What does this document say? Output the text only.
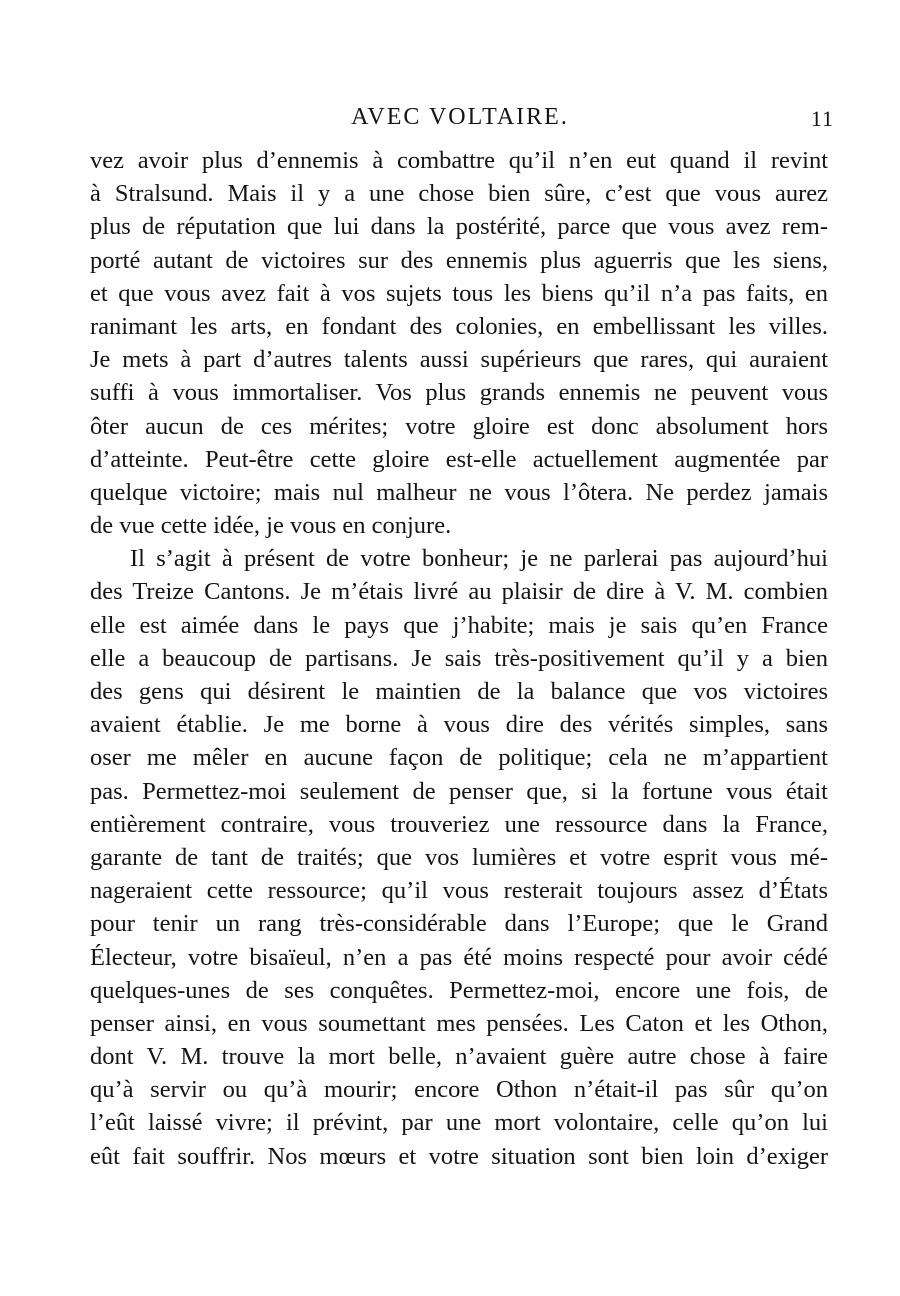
AVEC VOLTAIRE.	11
vez avoir plus d’ennemis à combattre qu’il n’en eut quand il revint
à Stralsund. Mais il y a une chose bien sûre, c’est que vous aurez
plus de réputation que lui dans la postérité, parce que vous avez rem-
porté autant de victoires sur des ennemis plus aguerris que les siens,
et que vous avez fait à vos sujets tous les biens qu’il n’a pas faits, en
ranimant les arts, en fondant des colonies, en embellissant les villes.
Je mets à part d’autres talents aussi supérieurs que rares, qui auraient
suffi à vous immortaliser. Vos plus grands ennemis ne peuvent vous
ôter aucun de ces mérites; votre gloire est donc absolument hors
d’atteinte. Peut-être cette gloire est-elle actuellement augmentée par
quelque victoire; mais nul malheur ne vous l’ôtera. Ne perdez jamais
de vue cette idée, je vous en conjure.
Il s’agit à présent de votre bonheur; je ne parlerai pas aujourd’hui
des Treize Cantons. Je m’étais livré au plaisir de dire à V. M. combien
elle est aimée dans le pays que j’habite; mais je sais qu’en France
elle a beaucoup de partisans. Je sais très-positivement qu’il y a bien
des gens qui désirent le maintien de la balance que vos victoires
avaient établie. Je me borne à vous dire des vérités simples, sans
oser me mêler en aucune façon de politique; cela ne m’appartient
pas. Permettez-moi seulement de penser que, si la fortune vous était
entièrement contraire, vous trouveriez une ressource dans la France,
garante de tant de traités; que vos lumières et votre esprit vous mé-
nageraient cette ressource; qu’il vous resterait toujours assez d’États
pour tenir un rang très-considérable dans l’Europe; que le Grand
Électeur, votre bisaïeul, n’en a pas été moins respecté pour avoir cédé
quelques-unes de ses conquêtes. Permettez-moi, encore une fois, de
penser ainsi, en vous soumettant mes pensées. Les Caton et les Othon,
dont V. M. trouve la mort belle, n’avaient guère autre chose à faire
qu’à servir ou qu’à mourir; encore Othon n’était-il pas sûr qu’on
l’eût laissé vivre; il prévint, par une mort volontaire, celle qu’on lui
eût fait souffrir. Nos mœurs et votre situation sont bien loin d’exiger
